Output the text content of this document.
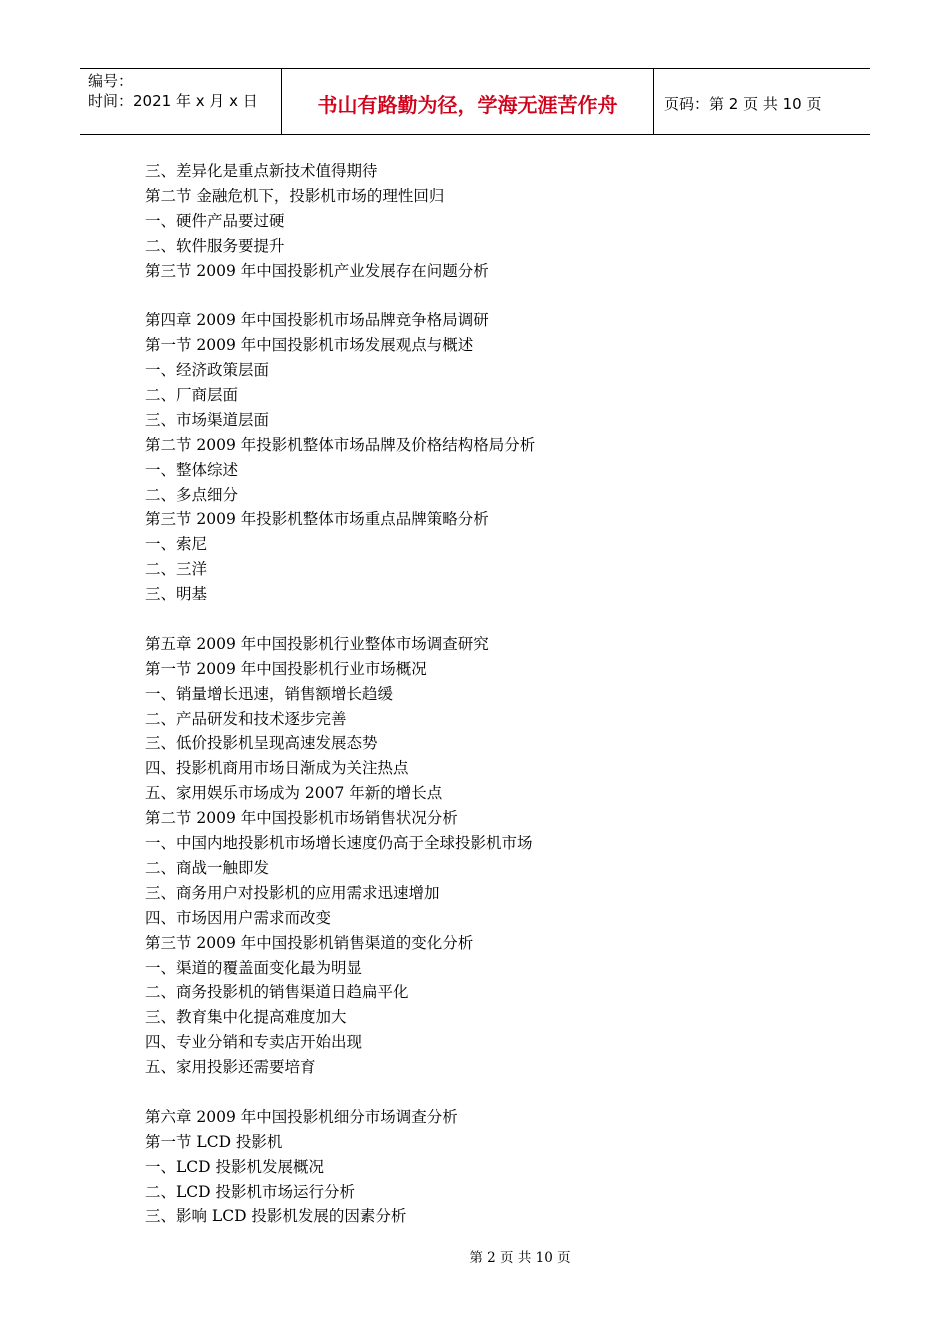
编号：
时间：2021 年 x 月 x 日	书山有路勤为径，学海无涯苦作舟	页码：第 2 页 共 10 页
三、差异化是重点新技术值得期待
第二节 金融危机下，投影机市场的理性回归
一、硬件产品要过硬
二、软件服务要提升
第三节 2009 年中国投影机产业发展存在问题分析
第四章 2009 年中国投影机市场品牌竞争格局调研
第一节 2009 年中国投影机市场发展观点与概述
一、经济政策层面
二、厂商层面
三、市场渠道层面
第二节 2009 年投影机整体市场品牌及价格结构格局分析
一、整体综述
二、多点细分
第三节 2009 年投影机整体市场重点品牌策略分析
一、索尼
二、三洋
三、明基
第五章 2009 年中国投影机行业整体市场调查研究
第一节 2009 年中国投影机行业市场概况
一、销量增长迅速，销售额增长趋缓
二、产品研发和技术逐步完善
三、低价投影机呈现高速发展态势
四、投影机商用市场日渐成为关注热点
五、家用娱乐市场成为 2007 年新的增长点
第二节 2009 年中国投影机市场销售状况分析
一、中国内地投影机市场增长速度仍高于全球投影机市场
二、商战一触即发
三、商务用户对投影机的应用需求迅速增加
四、市场因用户需求而改变
第三节 2009 年中国投影机销售渠道的变化分析
一、渠道的覆盖面变化最为明显
二、商务投影机的销售渠道日趋扁平化
三、教育集中化提高难度加大
四、专业分销和专卖店开始出现
五、家用投影还需要培育
第六章 2009 年中国投影机细分市场调查分析
第一节 LCD 投影机
一、LCD 投影机发展概况
二、LCD 投影机市场运行分析
三、影响 LCD 投影机发展的因素分析
第 2 页 共 10 页
